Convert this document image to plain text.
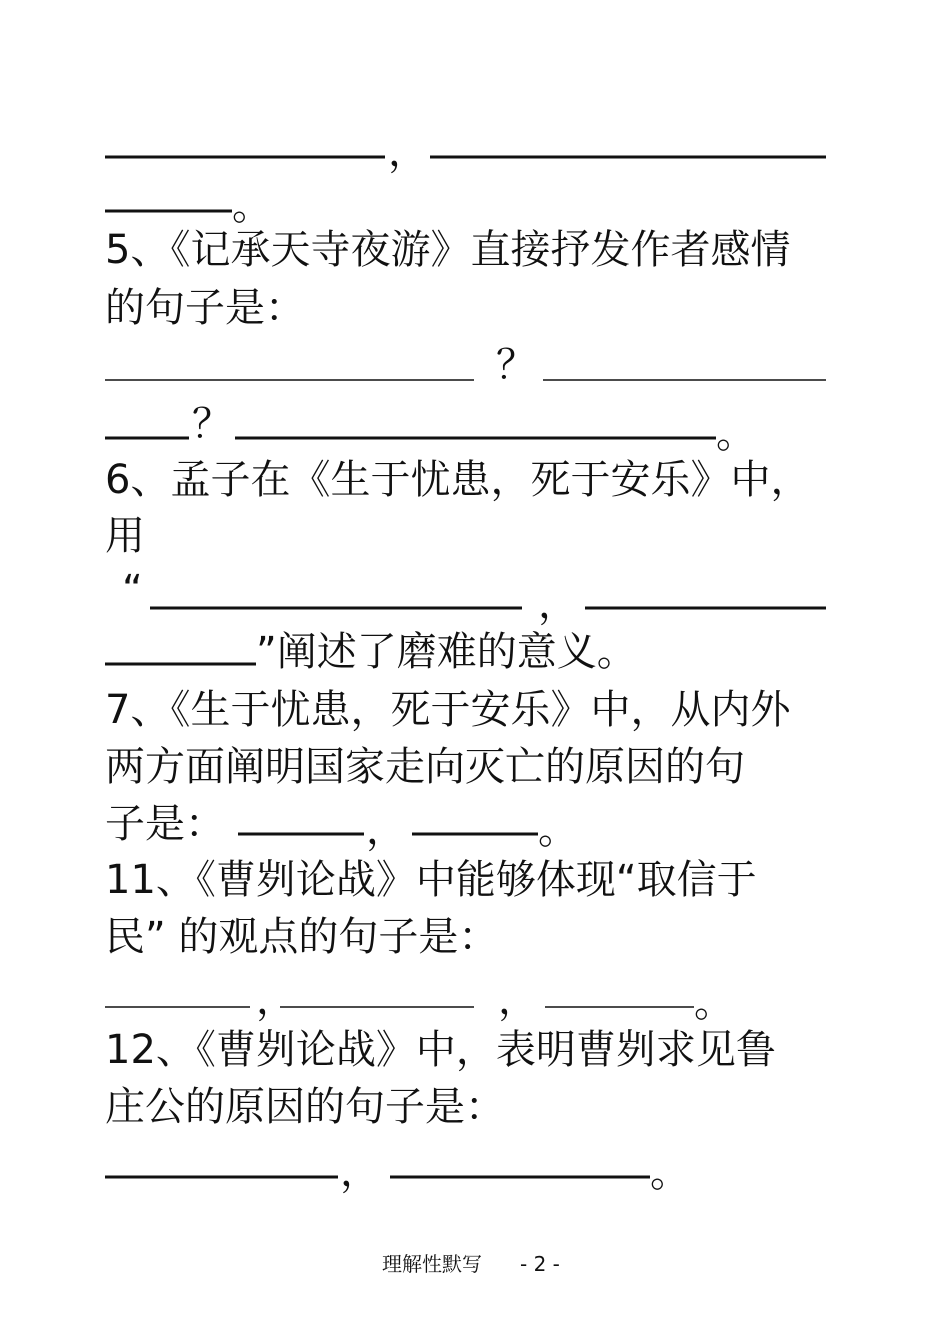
，
。
5、《记承天寺夜游》直接抒发作者感情
的句子是：
？
？	。
6、孟子在《生于忧患，死于安乐》中，
用
“	，
”阐述了磨难的意义。
7、《生于忧患，死于安乐》中，从内外
两方面阐明国家走向灭亡的原因的句
子是：	，	。
11、《曹刿论战》中能够体现“取信于
民” 的观点的句子是：
，	，	。
12、《曹刿论战》中，表明曹刿求见鲁
庄公的原因的句子是：
，	。
理解性默写 - 2 -
